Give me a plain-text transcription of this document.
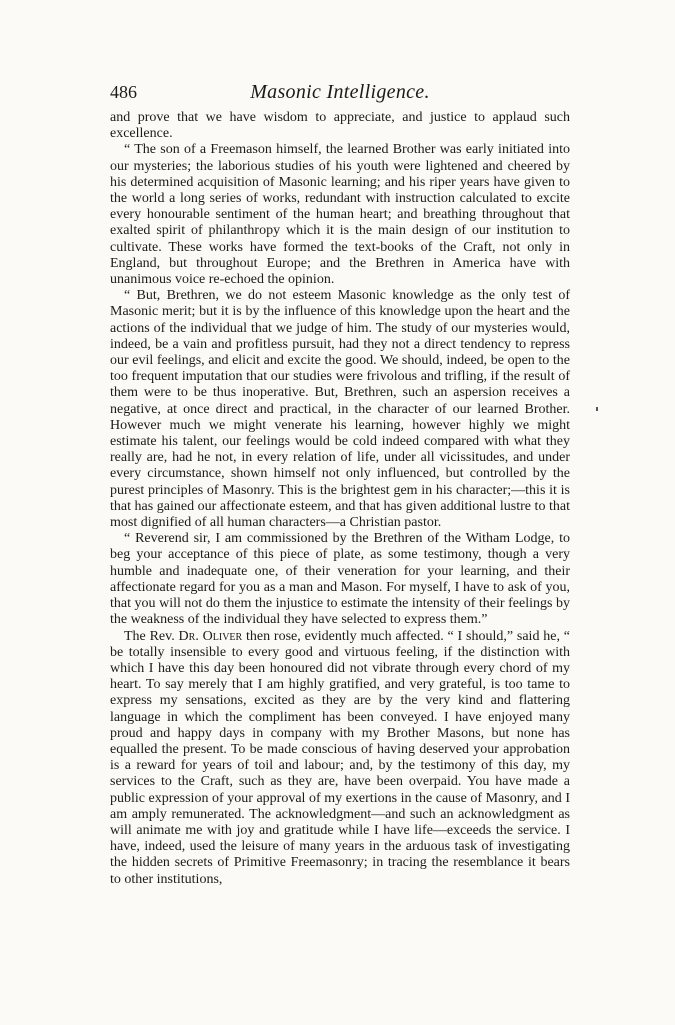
486	Masonic Intelligence.

and prove that we have wisdom to appreciate, and justice to applaud such excellence.

“ The son of a Freemason himself, the learned Brother was early initiated into our mysteries; the laborious studies of his youth were lightened and cheered by his determined acquisition of Masonic learning; and his riper years have given to the world a long series of works, redundant with instruction calculated to excite every honourable sentiment of the human heart; and breathing throughout that exalted spirit of philanthropy which it is the main design of our institution to cultivate. These works have formed the text-books of the Craft, not only in England, but throughout Europe; and the Brethren in America have with unanimous voice re-echoed the opinion.

“ But, Brethren, we do not esteem Masonic knowledge as the only test of Masonic merit; but it is by the influence of this knowledge upon the heart and the actions of the individual that we judge of him. The study of our mysteries would, indeed, be a vain and profitless pursuit, had they not a direct tendency to repress our evil feelings, and elicit and excite the good. We should, indeed, be open to the too frequent imputation that our studies were frivolous and trifling, if the result of them were to be thus inoperative. But, Brethren, such an aspersion receives a negative, at once direct and practical, in the character of our learned Brother. However much we might venerate his learning, however highly we might estimate his talent, our feelings would be cold indeed compared with what they really are, had he not, in every relation of life, under all vicissitudes, and under every circumstance, shown himself not only influenced, but controlled by the purest principles of Masonry. This is the brightest gem in his character;—this it is that has gained our affectionate esteem, and that has given additional lustre to that most dignified of all human characters—a Christian pastor.

“ Reverend sir, I am commissioned by the Brethren of the Witham Lodge, to beg your acceptance of this piece of plate, as some testimony, though a very humble and inadequate one, of their veneration for your learning, and their affectionate regard for you as a man and Mason. For myself, I have to ask of you, that you will not do them the injustice to estimate the intensity of their feelings by the weakness of the individual they have selected to express them.”

The Rev. Dr. Oliver then rose, evidently much affected. “ I should,” said he, “ be totally insensible to every good and virtuous feeling, if the distinction with which I have this day been honoured did not vibrate through every chord of my heart. To say merely that I am highly gratified, and very grateful, is too tame to express my sensations, excited as they are by the very kind and flattering language in which the compliment has been conveyed. I have enjoyed many proud and happy days in company with my Brother Masons, but none has equalled the present. To be made conscious of having deserved your approbation is a reward for years of toil and labour; and, by the testimony of this day, my services to the Craft, such as they are, have been overpaid. You have made a public expression of your approval of my exertions in the cause of Masonry, and I am amply remunerated. The acknowledgment—and such an acknowledgment as will animate me with joy and gratitude while I have life—exceeds the service. I have, indeed, used the leisure of many years in the arduous task of investigating the hidden secrets of Primitive Freemasonry; in tracing the resemblance it bears to other institutions,
